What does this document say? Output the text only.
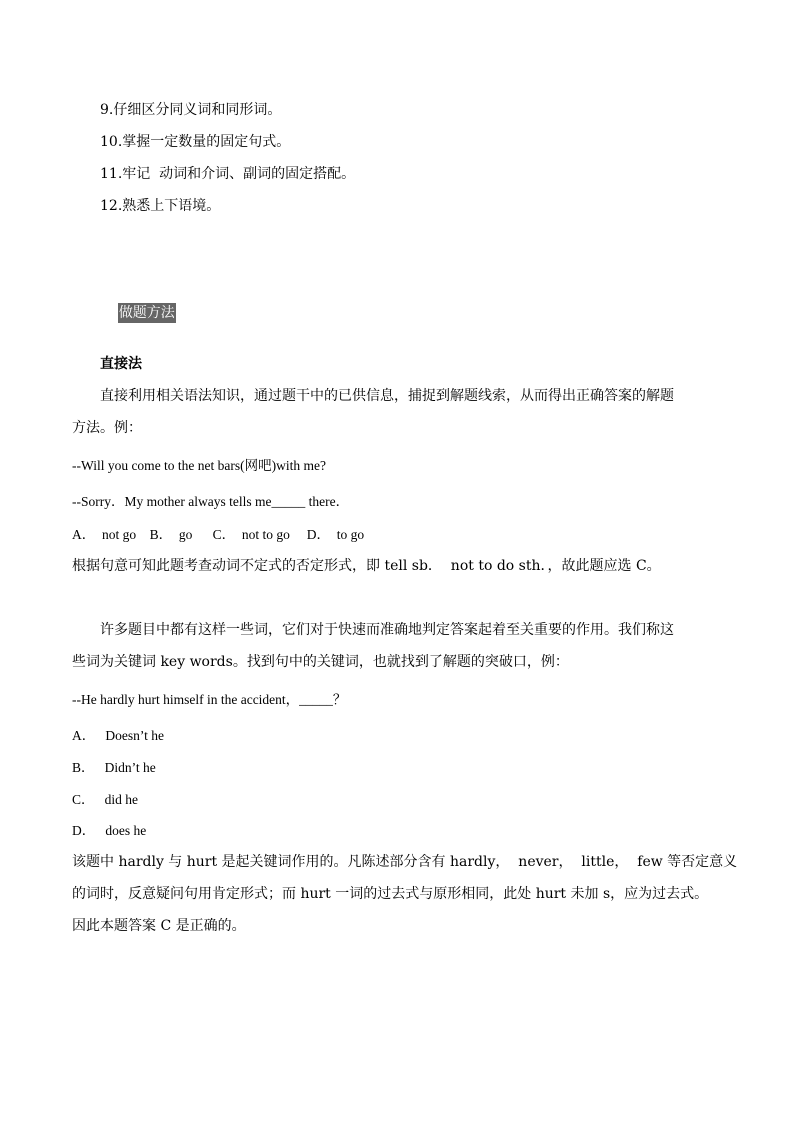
9.仔细区分同义词和同形词。
10.掌握一定数量的固定句式。
11.牢记  动词和介词、副词的固定搭配。
12.熟悉上下语境。

做题方法

直接法
直接利用相关语法知识，通过题干中的已供信息，捕捉到解题线索，从而得出正确答案的解题
方法。例：
--Will you come to the net bars(网吧)with me?
--Sorry．My mother always tells me_____ there．
A．  not go    B．  go      C．  not to go     D．  to go
根据句意可知此题考查动词不定式的否定形式，即 tell sb．  not to do sth．，故此题应选 C。
许多题目中都有这样一些词，它们对于快速而准确地判定答案起着至关重要的作用。我们称这
些词为关键词 key words。找到句中的关键词，也就找到了解题的突破口，例：
--He hardly hurt himself in the accident，_____？
A．   Doesn’t he
B．   Didn’t he
C．   did he
D．   does he
该题中 hardly 与 hurt 是起关键词作用的。凡陈述部分含有 hardly，  never，  little，  few 等否定意义
的词时，反意疑问句用肯定形式；而 hurt 一词的过去式与原形相同，此处 hurt 未加 s，应为过去式。
因此本题答案 C 是正确的。
